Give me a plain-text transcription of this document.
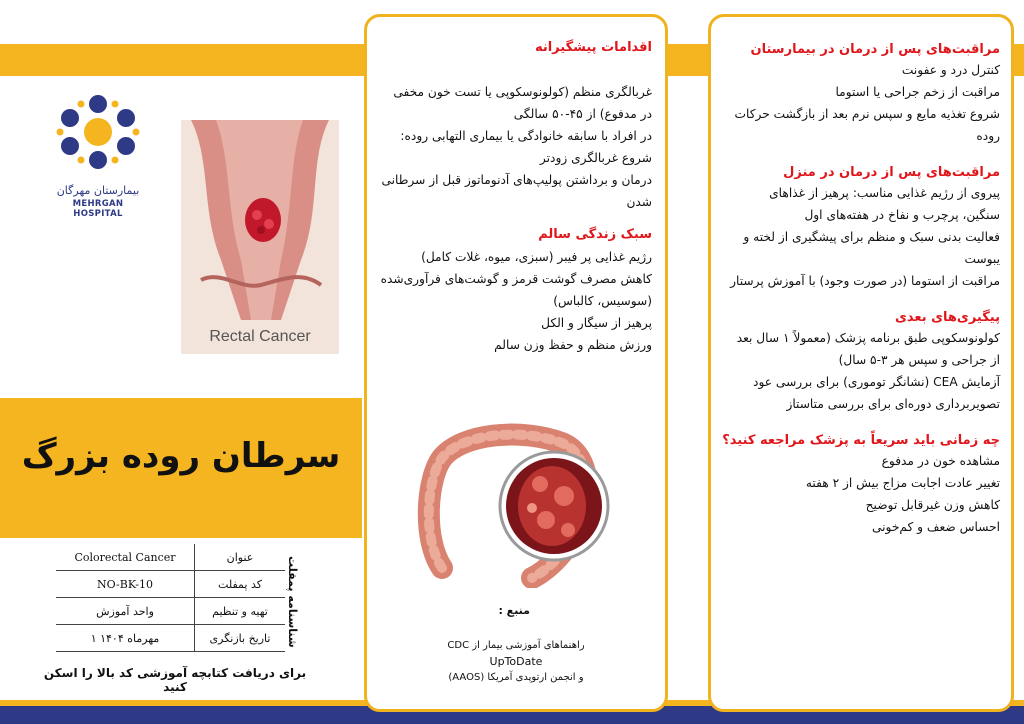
بیمارستان مهرگان
MEHRGAN HOSPITAL
Rectal Cancer
سرطان روده بزرگ
Colorectal Cancer	عنوان
NO-BK-10	کد پمفلت
واحد آموزش	تهیه و تنظیم
۱ مهرماه ۱۴۰۴	تاریخ بازنگری شناسنامه پمفلت
برای دریافت کتابچه آموزشی کد بالا را اسکن کنید
اقدامات پیشگیرانه
غربالگری منظم (کولونوسکوپی یا تست خون مخفی
در مدفوع) از ۴۵-۵۰ سالگی
در افراد با سابقه خانوادگی یا بیماری التهابی روده:
شروع غربالگری زودتر
درمان و برداشتن پولیپ‌های آدنوماتوز قبل از سرطانی
شدن
سبک زندگی سالم
رژیم غذایی پر فیبر (سبزی، میوه، غلات کامل)
کاهش مصرف گوشت قرمز و گوشت‌های فرآوری‌شده
(سوسیس، کالباس)
پرهیز از سیگار و الکل
ورزش منظم و حفظ وزن سالم
منبع :
راهنماهای آموزشی بیمار از CDC
UpToDate
و انجمن ارتوپدی آمریکا (AAOS)
مراقبت‌های پس از درمان در بیمارستان
کنترل درد و عفونت
مراقبت از زخم جراحی یا استوما
شروع تغذیه مایع و سپس نرم بعد از بازگشت حرکات
روده
مراقبت‌های پس از درمان در منزل
پیروی از رژیم غذایی مناسب: پرهیز از غذاهای
سنگین، پرچرب و نفاخ در هفته‌های اول
فعالیت بدنی سبک و منظم برای پیشگیری از لخته و
یبوست
مراقبت از استوما (در صورت وجود) با آموزش پرستار
پیگیری‌های بعدی
کولونوسکوپی طبق برنامه پزشک (معمولاً ۱ سال بعد
از جراحی و سپس هر ۳-۵ سال)
آزمایش CEA (نشانگر توموری) برای بررسی عود
تصویربرداری دوره‌ای برای بررسی متاستاز
چه زمانی باید سریعاً به پزشک مراجعه کنید؟
مشاهده خون در مدفوع
تغییر عادت اجابت مزاج بیش از ۲ هفته
کاهش وزن غیرقابل توضیح
احساس ضعف و کم‌خونی
